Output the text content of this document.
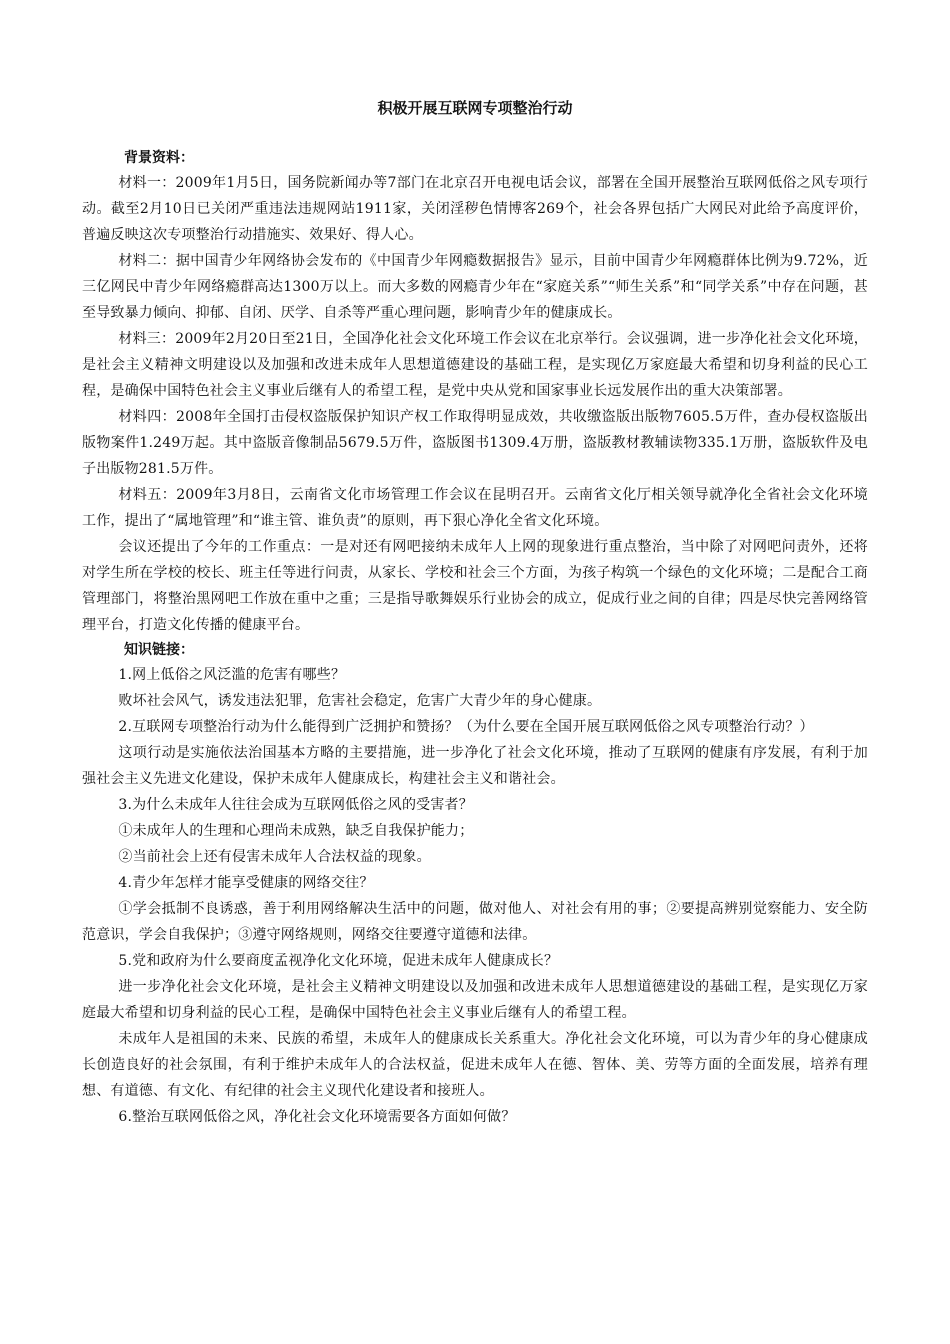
积极开展互联网专项整治行动
背景资料：

材料一：2009年1月5日，国务院新闻办等7部门在北京召开电视电话会议，部署在全国开展整治互联网低俗之风专项行动。截至2月10日已关闭严重违法违规网站1911家，关闭淫秽色情博客269个，社会各界包括广大网民对此给予高度评价，普遍反映这次专项整治行动措施实、效果好、得人心。

材料二：据中国青少年网络协会发布的《中国青少年网瘾数据报告》显示，目前中国青少年网瘾群体比例为9.72%，近三亿网民中青少年网络瘾群高达1300万以上。而大多数的网瘾青少年在“家庭关系”“师生关系”和“同学关系”中存在问题，甚至导致暴力倾向、抑郁、自闭、厌学、自杀等严重心理问题，影响青少年的健康成长。

材料三：2009年2月20日至21日，全国净化社会文化环境工作会议在北京举行。会议强调，进一步净化社会文化环境，是社会主义精神文明建设以及加强和改进未成年人思想道德建设的基础工程，是实现亿万家庭最大希望和切身利益的民心工程，是确保中国特色社会主义事业后继有人的希望工程，是党中央从党和国家事业长远发展作出的重大决策部署。

材料四：2008年全国打击侵权盗版保护知识产权工作取得明显成效，共收缴盗版出版物7605.5万件，查办侵权盗版出版物案件1.249万起。其中盗版音像制品5679.5万件，盗版图书1309.4万册，盗版教材教辅读物335.1万册，盗版软件及电子出版物281.5万件。

材料五：2009年3月8日，云南省文化市场管理工作会议在昆明召开。云南省文化厅相关领导就净化全省社会文化环境工作，提出了“属地管理”和“谁主管、谁负责”的原则，再下狠心净化全省文化环境。

会议还提出了今年的工作重点：一是对还有网吧接纳未成年人上网的现象进行重点整治，当中除了对网吧问责外，还将对学生所在学校的校长、班主任等进行问责，从家长、学校和社会三个方面，为孩子构筑一个绿色的文化环境；二是配合工商管理部门，将整治黑网吧工作放在重中之重；三是指导歌舞娱乐行业协会的成立，促成行业之间的自律；四是尽快完善网络管理平台，打造文化传播的健康平台。

知识链接：

1.网上低俗之风泛滥的危害有哪些？

败坏社会风气，诱发违法犯罪，危害社会稳定，危害广大青少年的身心健康。

2.互联网专项整治行动为什么能得到广泛拥护和赞扬？（为什么要在全国开展互联网低俗之风专项整治行动？）

这项行动是实施依法治国基本方略的主要措施，进一步净化了社会文化环境，推动了互联网的健康有序发展，有利于加强社会主义先进文化建设，保护未成年人健康成长，构建社会主义和谐社会。

3.为什么未成年人往往会成为互联网低俗之风的受害者？

①未成年人的生理和心理尚未成熟，缺乏自我保护能力；

②当前社会上还有侵害未成年人合法权益的现象。

4.青少年怎样才能享受健康的网络交往？

①学会抵制不良诱惑，善于利用网络解决生活中的问题，做对他人、对社会有用的事；②要提高辨别觉察能力、安全防范意识，学会自我保护；③遵守网络规则，网络交往要遵守道德和法律。

5.党和政府为什么要商度孟视净化文化环境，促进未成年人健康成长？

进一步净化社会文化环境，是社会主义精神文明建设以及加强和改进未成年人思想道德建设的基础工程，是实现亿万家庭最大希望和切身利益的民心工程，是确保中国特色社会主义事业后继有人的希望工程。

未成年人是祖国的未来、民族的希望，未成年人的健康成长关系重大。净化社会文化环境，可以为青少年的身心健康成长创造良好的社会氛围，有利于维护未成年人的合法权益，促进未成年人在德、智体、美、劳等方面的全面发展，培养有理想、有道德、有文化、有纪律的社会主义现代化建设者和接班人。

6.整治互联网低俗之风，净化社会文化环境需要各方面如何做？
